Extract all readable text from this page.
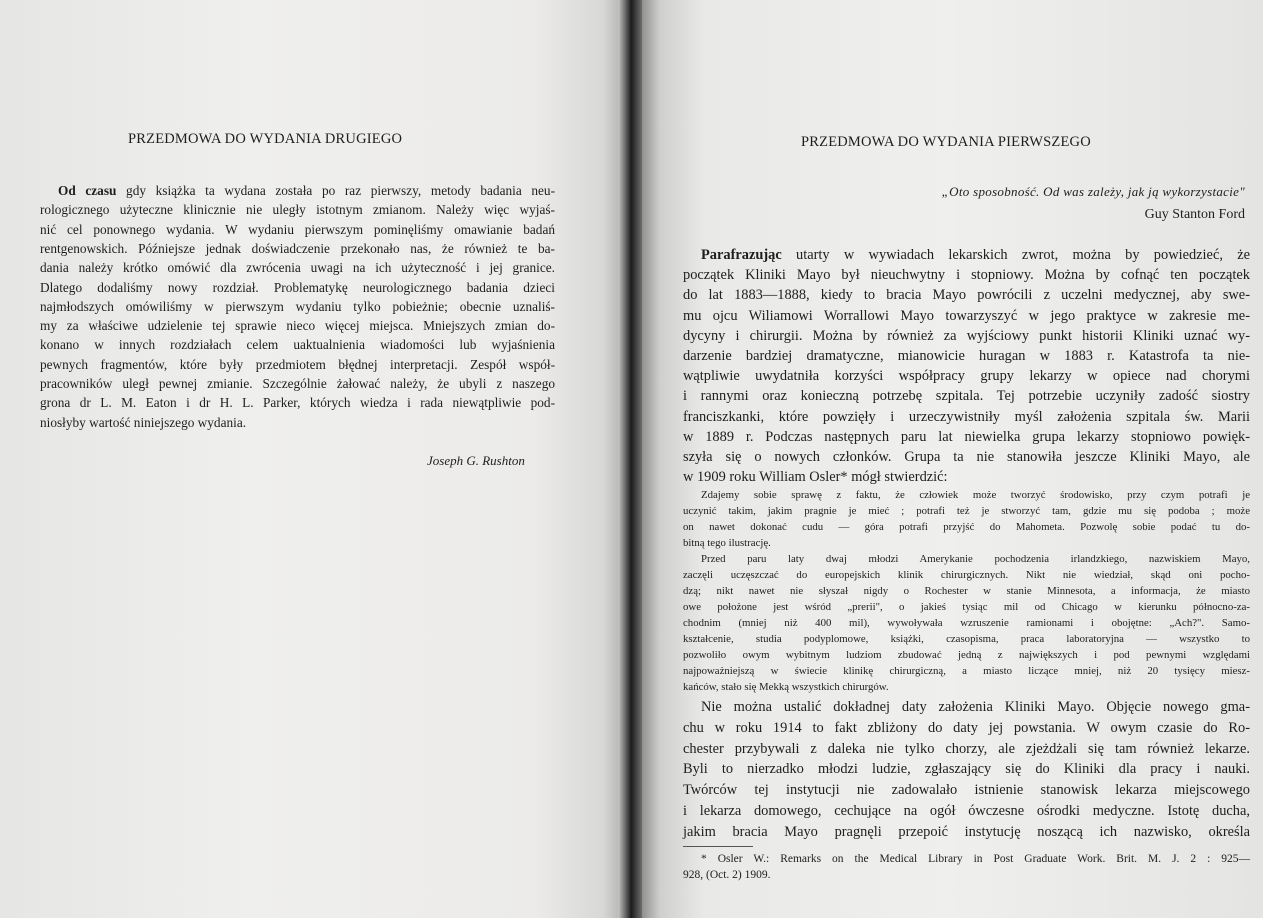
PRZEDMOWA DO WYDANIA DRUGIEGO
Od czasu gdy książka ta wydana została po raz pierwszy, metody badania neu-
rologicznego użyteczne klinicznie nie uległy istotnym zmianom. Należy więc wyjaś-
nić cel ponownego wydania. W wydaniu pierwszym pominęliśmy omawianie badań
rentgenowskich. Późniejsze jednak doświadczenie przekonało nas, że również te ba-
dania należy krótko omówić dla zwrócenia uwagi na ich użyteczność i jej granice.
Dlatego dodaliśmy nowy rozdział. Problematykę neurologicznego badania dzieci
najmłodszych omówiliśmy w pierwszym wydaniu tylko pobieżnie; obecnie uznaliś-
my za właściwe udzielenie tej sprawie nieco więcej miejsca. Mniejszych zmian do-
konano w innych rozdziałach celem uaktualnienia wiadomości lub wyjaśnienia
pewnych fragmentów, które były przedmiotem błędnej interpretacji. Zespół współ-
pracowników uległ pewnej zmianie. Szczególnie żałować należy, że ubyli z naszego
grona dr L. M. Eaton i dr H. L. Parker, których wiedza i rada niewątpliwie pod-
niosłyby wartość niniejszego wydania.
Joseph G. Rushton
PRZEDMOWA DO WYDANIA PIERWSZEGO
„Oto sposobność. Od was zależy, jak ją wykorzystacie"
Guy Stanton Ford
Parafrazując utarty w wywiadach lekarskich zwrot, można by powiedzieć, że
początek Kliniki Mayo był nieuchwytny i stopniowy. Można by cofnąć ten początek
do lat 1883—1888, kiedy to bracia Mayo powrócili z uczelni medycznej, aby swe-
mu ojcu Wiliamowi Worrallowi Mayo towarzyszyć w jego praktyce w zakresie me-
dycyny i chirurgii. Można by również za wyjściowy punkt historii Kliniki uznać wy-
darzenie bardziej dramatyczne, mianowicie huragan w 1883 r. Katastrofa ta nie-
wątpliwie uwydatniła korzyści współpracy grupy lekarzy w opiece nad chorymi
i rannymi oraz konieczną potrzebę szpitala. Tej potrzebie uczyniły zadość siostry
franciszkanki, które powzięły i urzeczywistniły myśl założenia szpitala św. Marii
w 1889 r. Podczas następnych paru lat niewielka grupa lekarzy stopniowo powięk-
szyła się o nowych członków. Grupa ta nie stanowiła jeszcze Kliniki Mayo, ale
w 1909 roku William Osler* mógł stwierdzić:
Zdajemy sobie sprawę z faktu, że człowiek może tworzyć środowisko, przy czym potrafi je
uczynić takim, jakim pragnie je mieć ; potrafi też je stworzyć tam, gdzie mu się podoba ; może
on nawet dokonać cudu — góra potrafi przyjść do Mahometa. Pozwolę sobie podać tu do-
bitną tego ilustrację.
Przed paru laty dwaj młodzi Amerykanie pochodzenia irlandzkiego, nazwiskiem Mayo,
zaczęli uczęszczać do europejskich klinik chirurgicznych. Nikt nie wiedział, skąd oni pocho-
dzą; nikt nawet nie słyszał nigdy o Rochester w stanie Minnesota, a informacja, że miasto
owe położone jest wśród „prerii", o jakieś tysiąc mil od Chicago w kierunku północno-za-
chodnim (mniej niż 400 mil), wywoływała wzruszenie ramionami i obojętne: „Ach?". Samo-
kształcenie, studia podyplomowe, książki, czasopisma, praca laboratoryjna — wszystko to
pozwoliło owym wybitnym ludziom zbudować jedną z największych i pod pewnymi względami
najpoważniejszą w świecie klinikę chirurgiczną, a miasto liczące mniej, niż 20 tysięcy miesz-
kańców, stało się Mekką wszystkich chirurgów.
Nie można ustalić dokładnej daty założenia Kliniki Mayo. Objęcie nowego gma-
chu w roku 1914 to fakt zbliżony do daty jej powstania. W owym czasie do Ro-
chester przybywali z daleka nie tylko chorzy, ale zjeżdżali się tam również lekarze.
Byli to nierzadko młodzi ludzie, zgłaszający się do Kliniki dla pracy i nauki.
Twórców tej instytucji nie zadowalało istnienie stanowisk lekarza miejscowego
i lekarza domowego, cechujące na ogół ówczesne ośrodki medyczne. Istotę ducha,
jakim bracia Mayo pragnęli przepoić instytucję noszącą ich nazwisko, określa
* Osler W.: Remarks on the Medical Library in Post Graduate Work. Brit. M. J. 2 : 925—
928, (Oct. 2) 1909.
